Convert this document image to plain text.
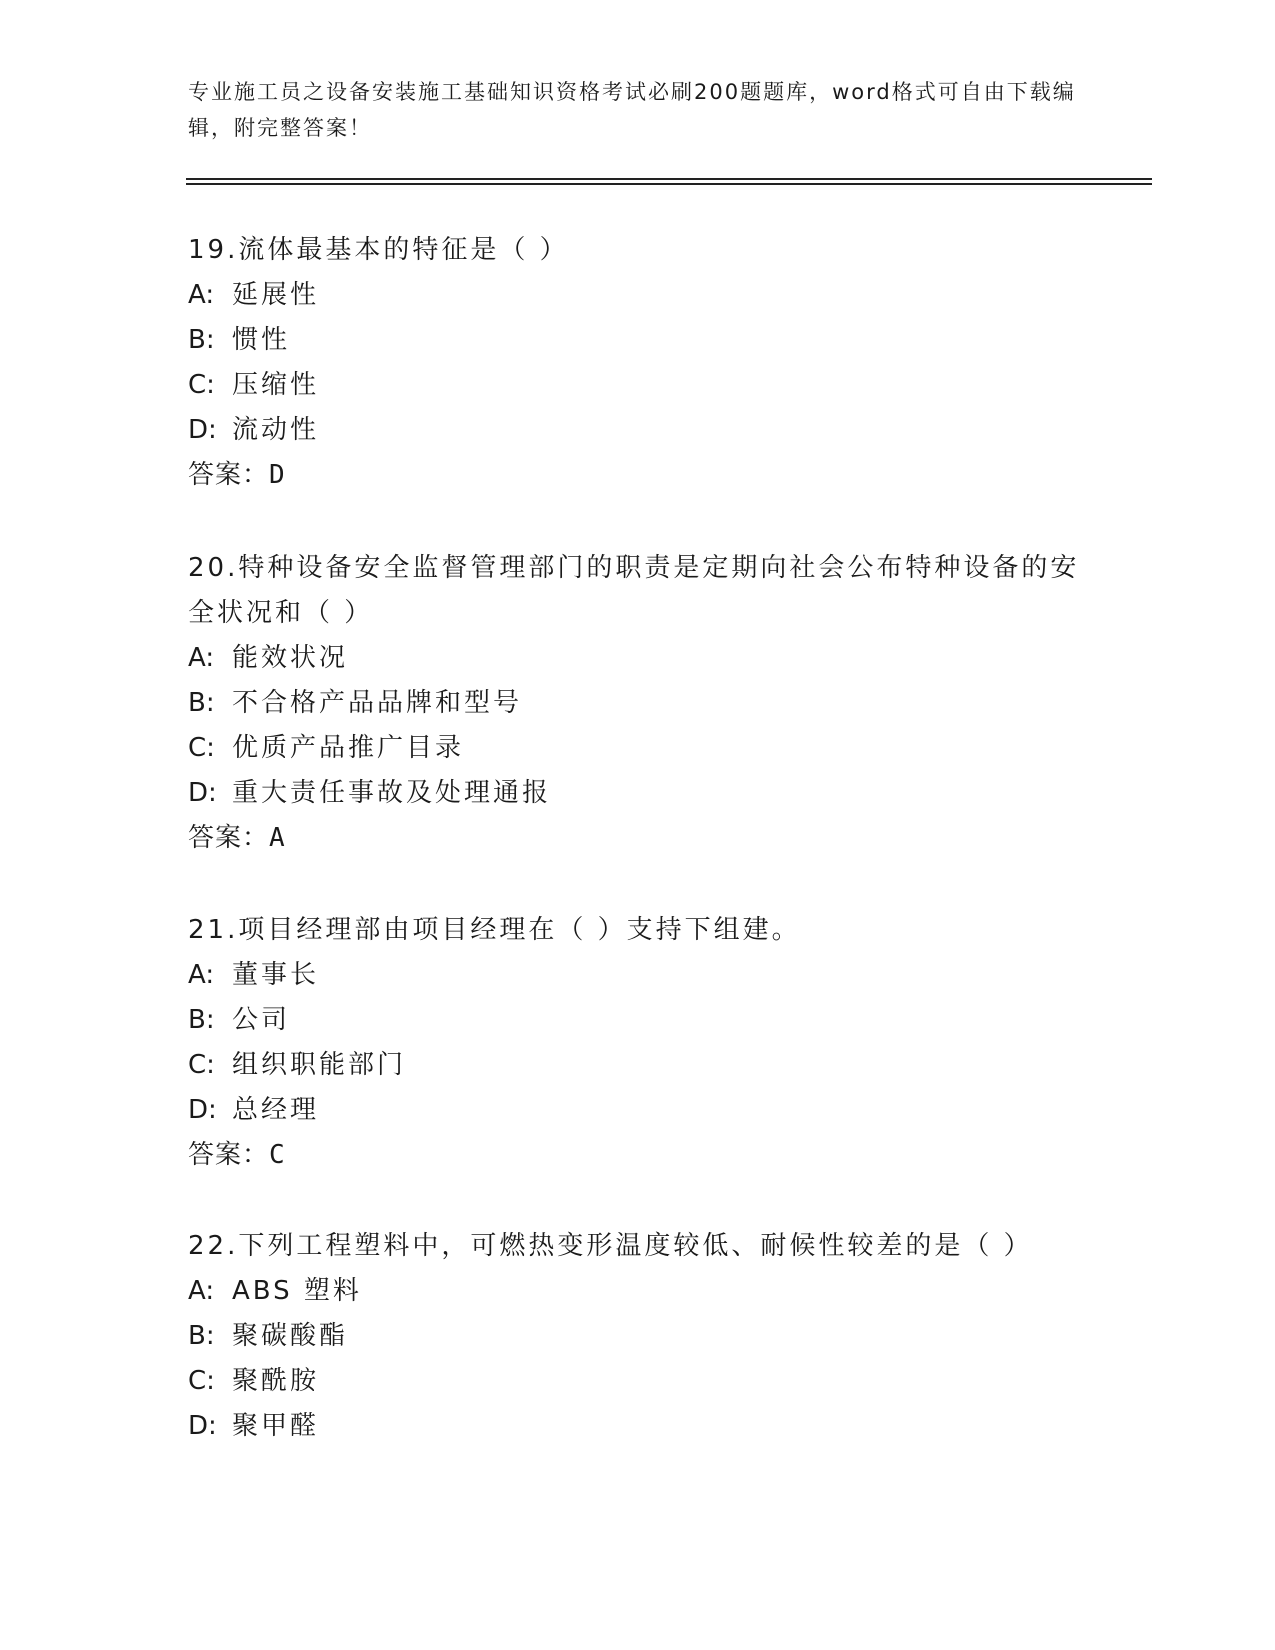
专业施工员之设备安装施工基础知识资格考试必刷200题题库，word格式可自由下载编辑，附完整答案！

19.流体最基本的特征是（ ）

A: 延展性

B: 惯性

C: 压缩性

D: 流动性

答案：D

20.特种设备安全监督管理部门的职责是定期向社会公布特种设备的安全状况和（ ）

A: 能效状况

B: 不合格产品品牌和型号

C: 优质产品推广目录

D: 重大责任事故及处理通报

答案：A

21.项目经理部由项目经理在（ ）支持下组建。

A: 董事长

B: 公司

C: 组织职能部门

D: 总经理

答案：C

22.下列工程塑料中，可燃热变形温度较低、耐候性较差的是（ ）

A: ABS 塑料

B: 聚碳酸酯

C: 聚酰胺

D: 聚甲醛
